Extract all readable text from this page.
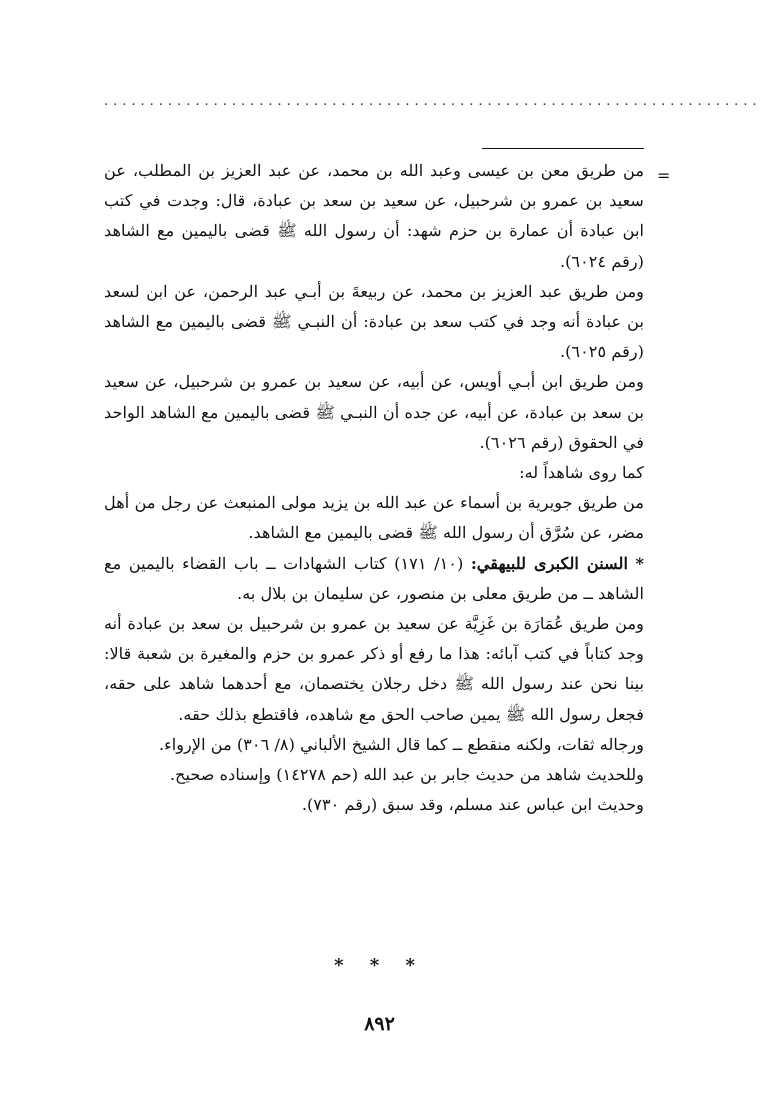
........................................................................
=

من طريق معن بن عيسى وعبد الله بن محمد، عن عبد العزيز بن المطلب، عن سعيد بن عمرو بن شرحبيل، عن سعيد بن سعد بن عبادة، قال: وجدت في كتب ابن عبادة أن عمارة بن حزم شهد: أن رسول الله ﷺ قضى باليمين مع الشاهد (رقم ٦٠٢٤).

ومن طريق عبد العزيز بن محمد، عن ربيعةَ بن أبـي عبد الرحمن، عن ابن لسعد بن عبادة أنه وجد في كتب سعد بن عبادة: أن النبـي ﷺ قضى باليمين مع الشاهد (رقم ٦٠٢٥).

ومن طريق ابن أبـي أويس، عن أبيه، عن سعيد بن عمرو بن شرحبيل، عن سعيد بن سعد بن عبادة، عن أبيه، عن جده أن النبـي ﷺ قضى باليمين مع الشاهد الواحد في الحقوق (رقم ٦٠٢٦).

كما روى شاهداً له:

من طريق جويرية بن أسماء عن عبد الله بن يزيد مولى المنبعث عن رجل من أهل مضر، عن سُرَّق أن رسول الله ﷺ قضى باليمين مع الشاهد.

* السنن الكبرى للبيهقي: (١٠/ ١٧١) كتاب الشهادات ــ باب القضاء باليمين مع الشاهد ــ من طريق معلى بن منصور، عن سليمان بن بلال به.

ومن طريق عُمَارَة بن غَزِيَّة عن سعيد بن عمرو بن شرحبيل بن سعد بن عبادة أنه وجد كتاباً في كتب آبائه: هذا ما رفع أو ذكر عمرو بن حزم والمغيرة بن شعبة قالا: بينا نحن عند رسول الله ﷺ دخل رجلان يختصمان، مع أحدهما شاهد على حقه، فجعل رسول الله ﷺ يمين صاحب الحق مع شاهده، فاقتطع بذلك حقه.

ورجاله ثقات، ولكنه منقطع ــ كما قال الشيخ الألباني (٨/ ٣٠٦) من الإرواء.

وللحديث شاهد من حديث جابر بن عبد الله (حم ١٤٢٧٨) وإسناده صحيح.

وحديث ابن عباس عند مسلم، وقد سبق (رقم ٧٣٠).

* * *
٨٩٢
